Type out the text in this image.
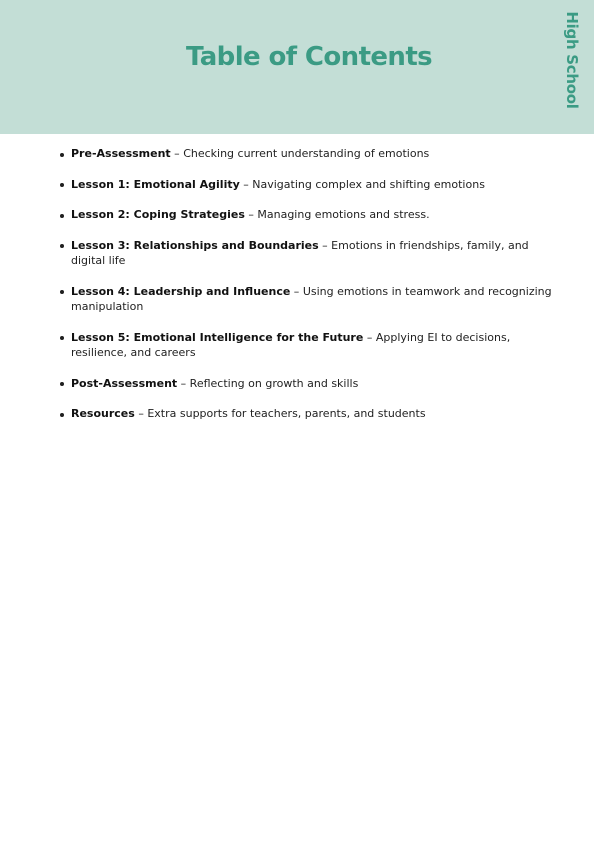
Table of Contents	High School
Pre-Assessment – Checking current understanding of emotions
Lesson 1: Emotional Agility – Navigating complex and shifting emotions
Lesson 2: Coping Strategies – Managing emotions and stress.
Lesson 3: Relationships and Boundaries – Emotions in friendships, family, and digital life
Lesson 4: Leadership and Influence – Using emotions in teamwork and recognizing manipulation
Lesson 5: Emotional Intelligence for the Future – Applying EI to decisions, resilience, and careers
Post-Assessment – Reflecting on growth and skills
Resources – Extra supports for teachers, parents, and students
